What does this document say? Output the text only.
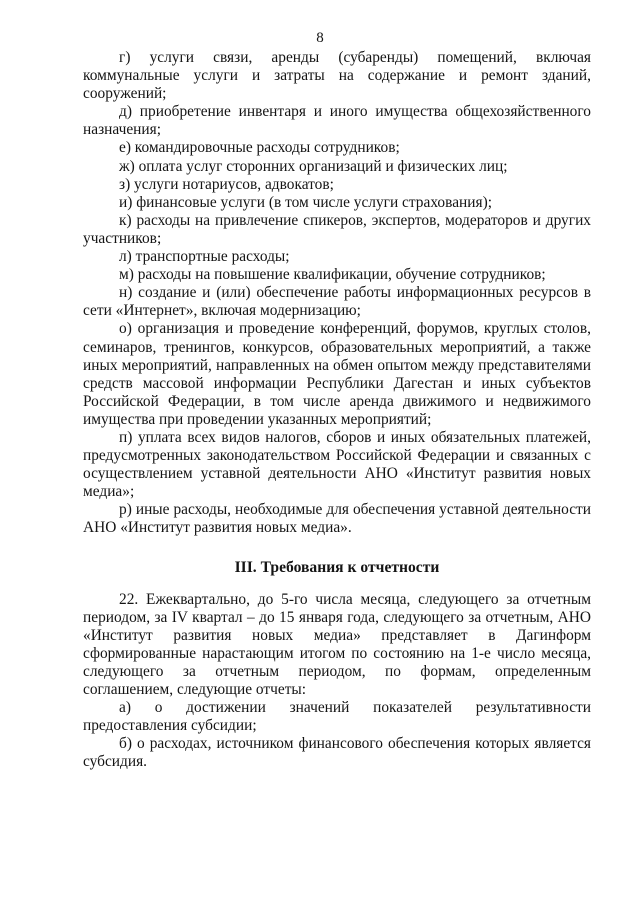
8

г) услуги связи, аренды (субаренды) помещений, включая коммунальные услуги и затраты на содержание и ремонт зданий, сооружений;

д) приобретение инвентаря и иного имущества общехозяйственного назначения;

е) командировочные расходы сотрудников;

ж) оплата услуг сторонних организаций и физических лиц;

з) услуги нотариусов, адвокатов;

и) финансовые услуги (в том числе услуги страхования);

к) расходы на привлечение спикеров, экспертов, модераторов и других участников;

л) транспортные расходы;

м) расходы на повышение квалификации, обучение сотрудников;

н) создание и (или) обеспечение работы информационных ресурсов в сети «Интернет», включая модернизацию;

о) организация и проведение конференций, форумов, круглых столов, семинаров, тренингов, конкурсов, образовательных мероприятий, а также иных мероприятий, направленных на обмен опытом между представителями средств массовой информации Республики Дагестан и иных субъектов Российской Федерации, в том числе аренда движимого и недвижимого имущества при проведении указанных мероприятий;

п) уплата всех видов налогов, сборов и иных обязательных платежей, предусмотренных законодательством Российской Федерации и связанных с осуществлением уставной деятельности АНО «Институт развития новых медиа»;

р) иные расходы, необходимые для обеспечения уставной деятельности АНО «Институт развития новых медиа».

III. Требования к отчетности

22. Ежеквартально, до 5-го числа месяца, следующего за отчетным периодом, за IV квартал – до 15 января года, следующего за отчетным, АНО «Институт развития новых медиа» представляет в Дагинформ сформированные нарастающим итогом по состоянию на 1-е число месяца, следующего за отчетным периодом, по формам, определенным соглашением, следующие отчеты:

а) о достижении значений показателей результативности предоставления субсидии;

б) о расходах, источником финансового обеспечения которых является субсидия.
